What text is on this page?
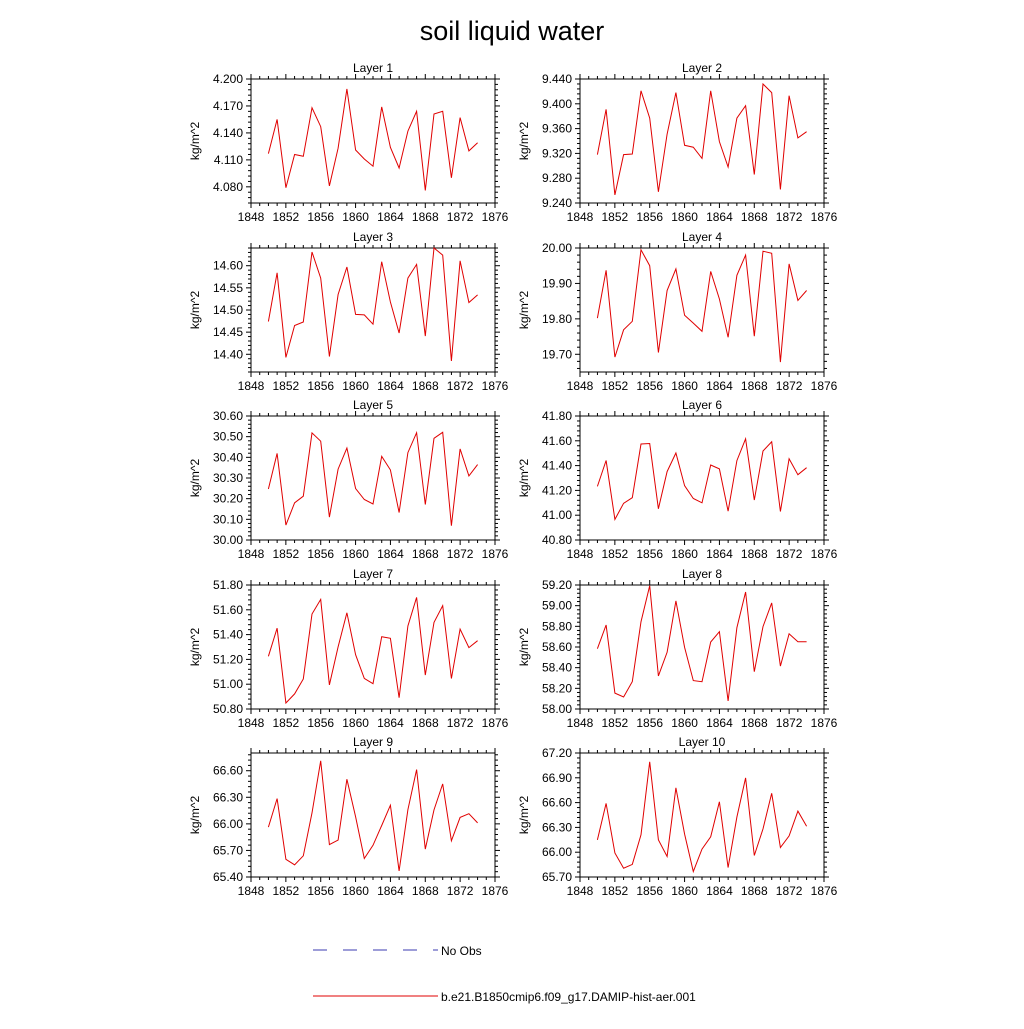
soil liquid water
Layer 1
kg/m^2
1848 1852 1856 1860 1864 1868 1872 1876
4.080
4.110
4.140
4.170
4.200
Layer 2
kg/m^2
1848 1852 1856 1860 1864 1868 1872 1876
9.240
9.280
9.320
9.360
9.400
9.440
Layer 3
kg/m^2
1848 1852 1856 1860 1864 1868 1872 1876
14.40
14.45
14.50
14.55
14.60
Layer 4
kg/m^2
1848 1852 1856 1860 1864 1868 1872 1876
19.70
19.80
19.90
20.00
Layer 5
kg/m^2
1848 1852 1856 1860 1864 1868 1872 1876
30.00
30.10
30.20
30.30
30.40
30.50
30.60
Layer 6
kg/m^2
1848 1852 1856 1860 1864 1868 1872 1876
40.80
41.00
41.20
41.40
41.60
41.80
Layer 7
kg/m^2
1848 1852 1856 1860 1864 1868 1872 1876
50.80
51.00
51.20
51.40
51.60
51.80
Layer 8
kg/m^2
1848 1852 1856 1860 1864 1868 1872 1876
58.00
58.20
58.40
58.60
58.80
59.00
59.20
Layer 9
kg/m^2
1848 1852 1856 1860 1864 1868 1872 1876
65.40
65.70
66.00
66.30
66.60
Layer 10
kg/m^2
1848 1852 1856 1860 1864 1868 1872 1876
65.70
66.00
66.30
66.60
66.90
67.20
No Obs
b.e21.B1850cmip6.f09_g17.DAMIP-hist-aer.001
